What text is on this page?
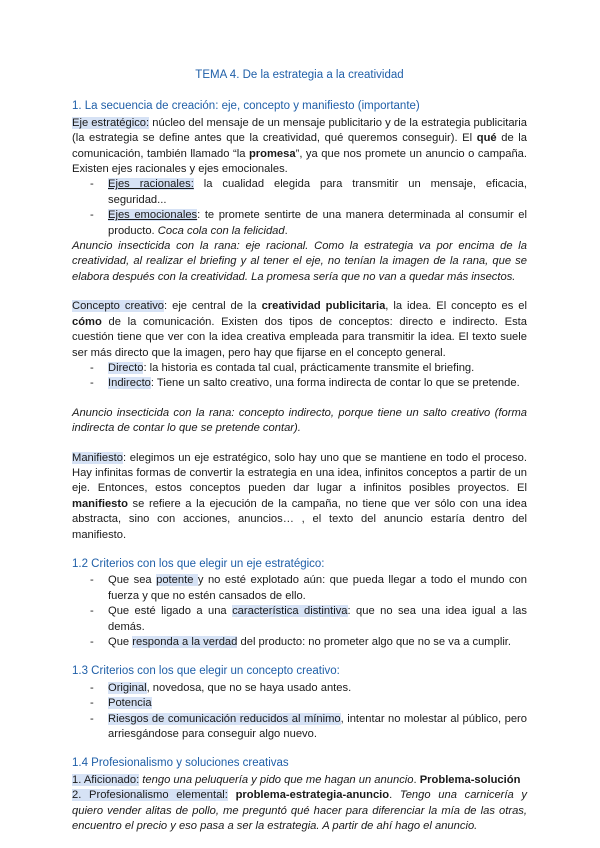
TEMA 4. De la estrategia a la creatividad
1. La secuencia de creación: eje, concepto y manifiesto (importante)

Eje estratégico: núcleo del mensaje de un mensaje publicitario y de la estrategia publicitaria (la estrategia se define antes que la creatividad, qué queremos conseguir). El qué de la comunicación, también llamado “la promesa”, ya que nos promete un anuncio o campaña. Existen ejes racionales y ejes emocionales.

- Ejes racionales: la cualidad elegida para transmitir un mensaje, eficacia, seguridad...
- Ejes emocionales: te promete sentirte de una manera determinada al consumir el producto. Coca cola con la felicidad.

Anuncio insecticida con la rana: eje racional. Como la estrategia va por encima de la creatividad, al realizar el briefing y al tener el eje, no tenían la imagen de la rana, que se elabora después con la creatividad. La promesa sería que no van a quedar más insectos.

Concepto creativo: eje central de la creatividad publicitaria, la idea. El concepto es el cómo de la comunicación. Existen dos tipos de conceptos: directo e indirecto. Esta cuestión tiene que ver con la idea creativa empleada para transmitir la idea. El texto suele ser más directo que la imagen, pero hay que fijarse en el concepto general.

- Directo: la historia es contada tal cual, prácticamente transmite el briefing.
- Indirecto: Tiene un salto creativo, una forma indirecta de contar lo que se pretende.

Anuncio insecticida con la rana: concepto indirecto, porque tiene un salto creativo (forma indirecta de contar lo que se pretende contar).

Manifiesto: elegimos un eje estratégico, solo hay uno que se mantiene en todo el proceso. Hay infinitas formas de convertir la estrategia en una idea, infinitos conceptos a partir de un eje. Entonces, estos conceptos pueden dar lugar a infinitos posibles proyectos. El manifiesto se refiere a la ejecución de la campaña, no tiene que ver sólo con una idea abstracta, sino con acciones, anuncios… , el texto del anuncio estaría dentro del manifiesto.

1.2 Criterios con los que elegir un eje estratégico:
- Que sea potente y no esté explotado aún: que pueda llegar a todo el mundo con fuerza y que no estén cansados de ello.
- Que esté ligado a una característica distintiva: que no sea una idea igual a las demás.
- Que responda a la verdad del producto: no prometer algo que no se va a cumplir.
1.3 Criterios con los que elegir un concepto creativo:
- Original, novedosa, que no se haya usado antes.
- Potencia
- Riesgos de comunicación reducidos al mínimo, intentar no molestar al público, pero arriesgándose para conseguir algo nuevo.
1.4 Profesionalismo y soluciones creativas

1. Aficionado: tengo una peluquería y pido que me hagan un anuncio. Problema-solución

2. Profesionalismo elemental: problema-estrategia-anuncio. Tengo una carnicería y quiero vender alitas de pollo, me preguntó qué hacer para diferenciar la mía de las otras, encuentro el precio y eso pasa a ser la estrategia. A partir de ahí hago el anuncio.
